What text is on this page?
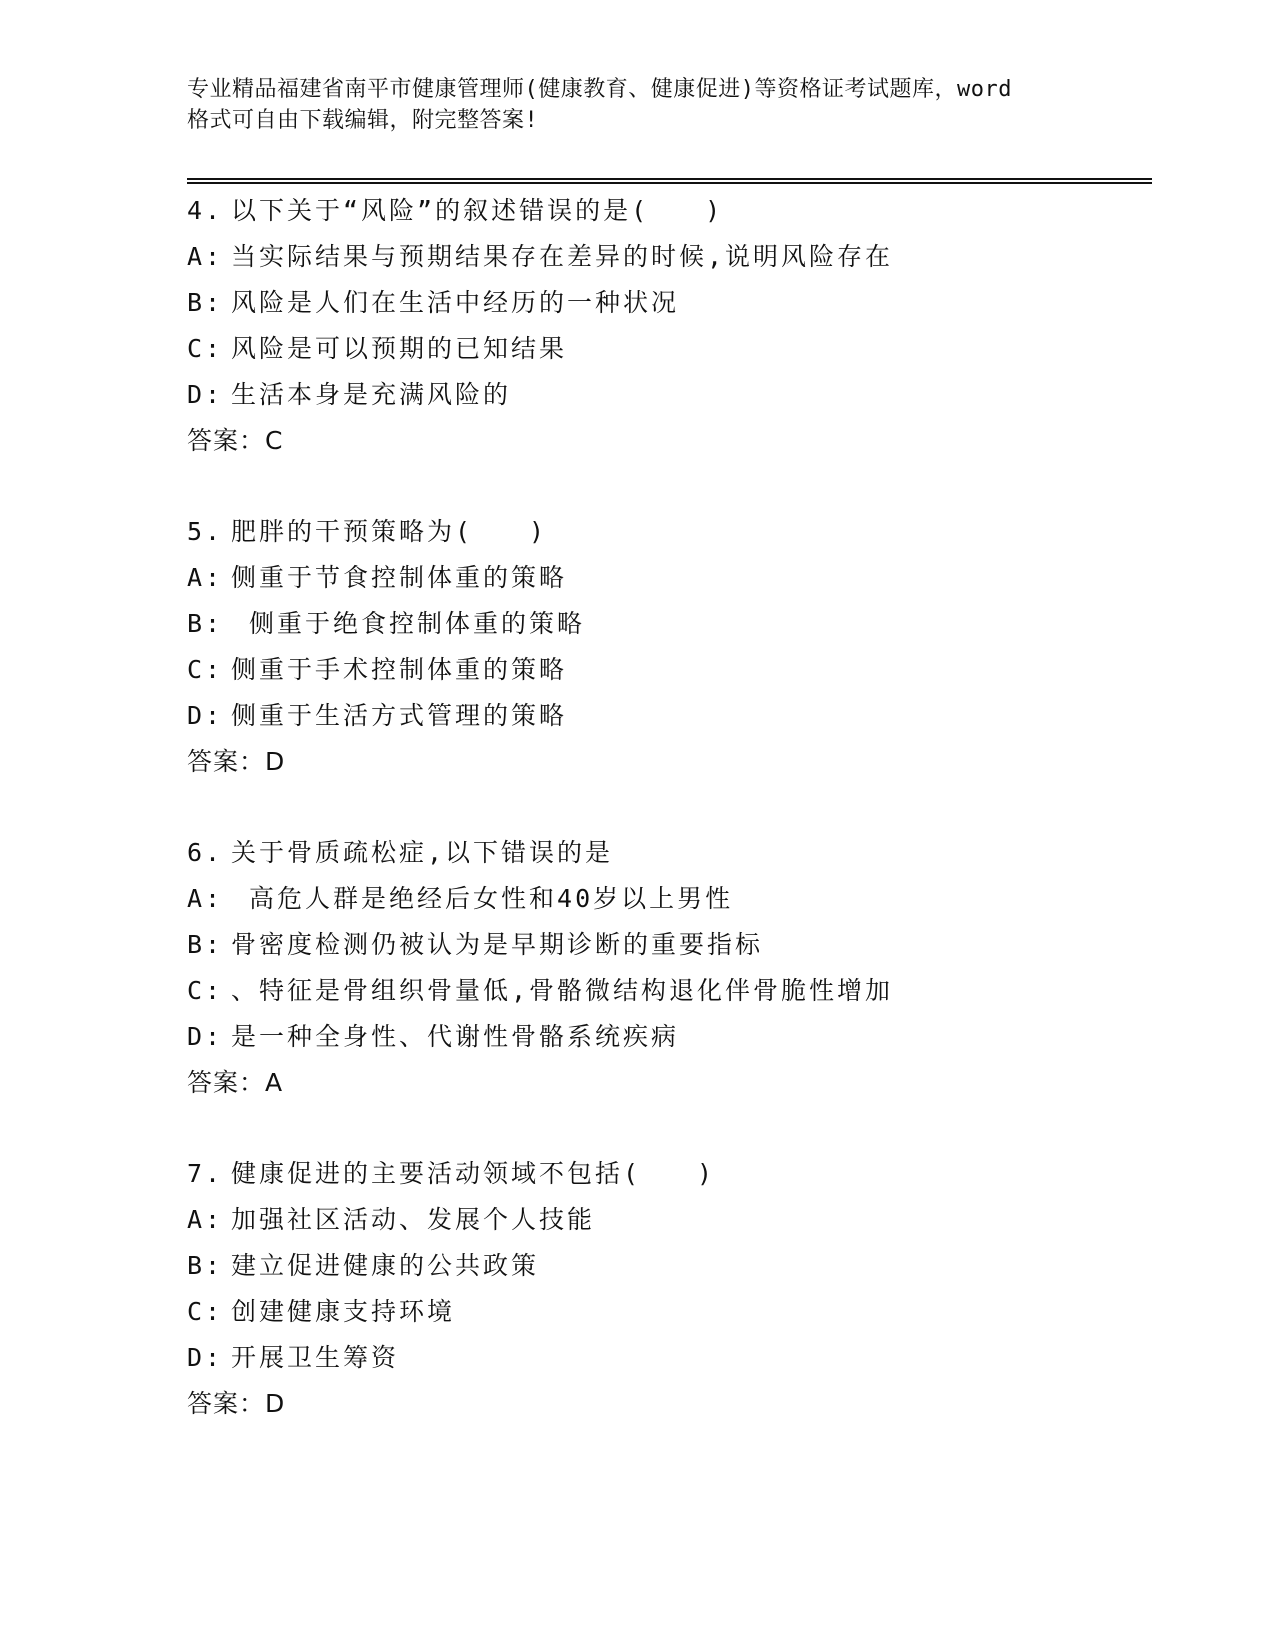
专业精品福建省南平市健康管理师(健康教育、健康促进)等资格证考试题库，word
格式可自由下载编辑，附完整答案!
4. 以下关于“风险”的叙述错误的是(　　)
A: 当实际结果与预期结果存在差异的时候,说明风险存在
B: 风险是人们在生活中经历的一种状况
C: 风险是可以预期的已知结果
D: 生活本身是充满风险的
答案：C
5. 肥胖的干预策略为(　　)
A: 侧重于节食控制体重的策略
B: 侧重于绝食控制体重的策略
C: 侧重于手术控制体重的策略
D: 侧重于生活方式管理的策略
答案：D
6. 关于骨质疏松症,以下错误的是
A: 高危人群是绝经后女性和40岁以上男性
B: 骨密度检测仍被认为是早期诊断的重要指标
C: 、特征是骨组织骨量低,骨骼微结构退化伴骨脆性增加
D: 是一种全身性、代谢性骨骼系统疾病
答案：A
7. 健康促进的主要活动领域不包括(　　)
A: 加强社区活动、发展个人技能
B: 建立促进健康的公共政策
C: 创建健康支持环境
D: 开展卫生筹资
答案：D
